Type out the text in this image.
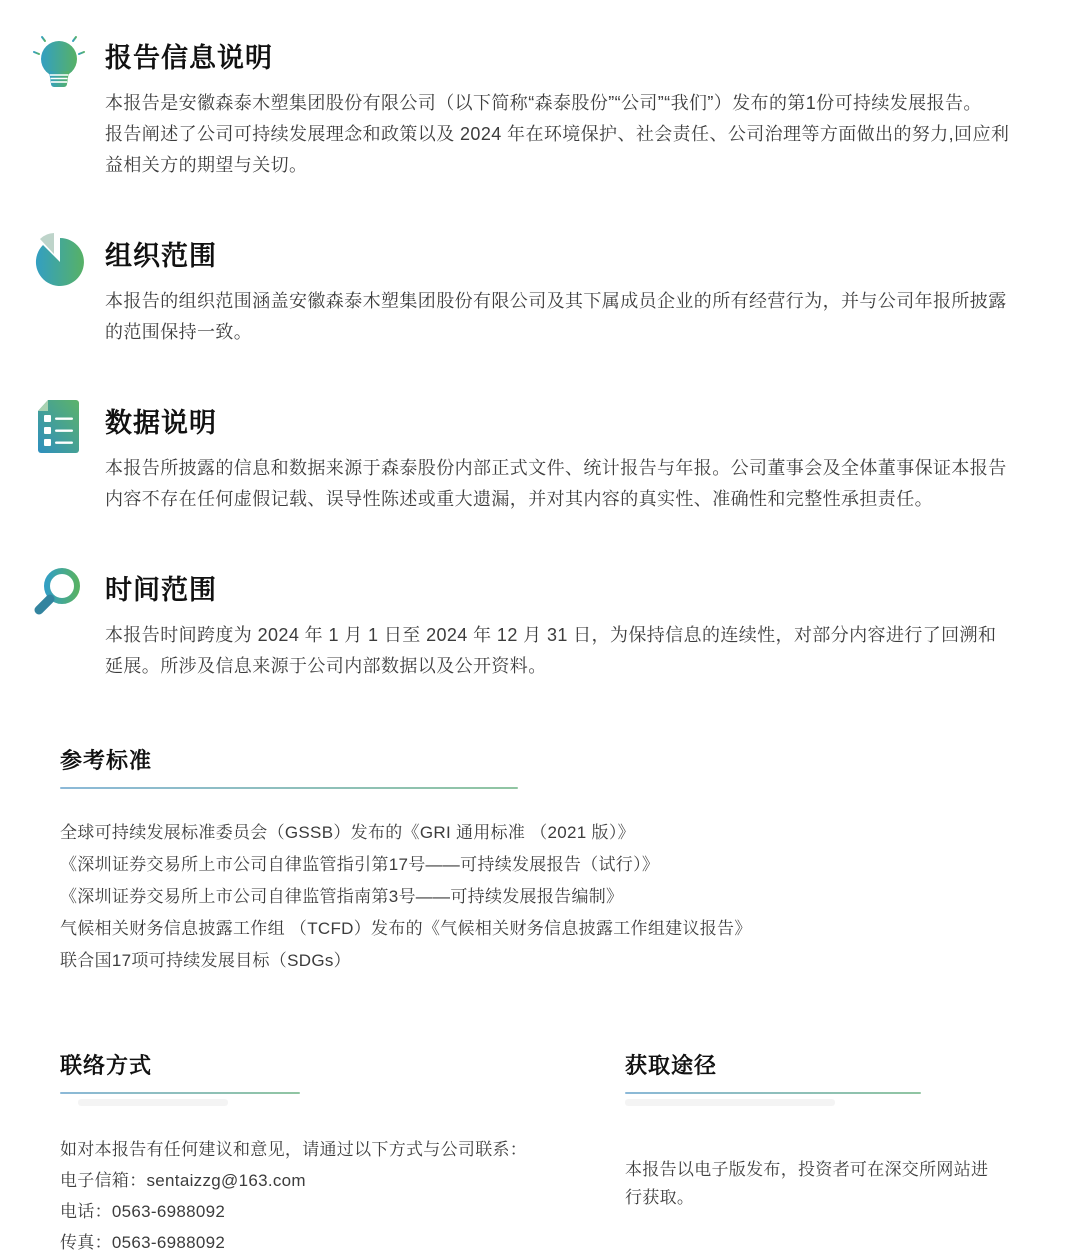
报告信息说明

本报告是安徽森泰木塑集团股份有限公司（以下简称“森泰股份”“公司”“我们”）发布的第1份可持续发展报告。

报告阐述了公司可持续发展理念和政策以及 2024 年在环境保护、社会责任、公司治理等方面做出的努力,回应利益相关方的期望与关切。

组织范围

本报告的组织范围涵盖安徽森泰木塑集团股份有限公司及其下属成员企业的所有经营行为，并与公司年报所披露的范围保持一致。

数据说明

本报告所披露的信息和数据来源于森泰股份内部正式文件、统计报告与年报。公司董事会及全体董事保证本报告内容不存在任何虚假记载、误导性陈述或重大遗漏，并对其内容的真实性、准确性和完整性承担责任。

时间范围

本报告时间跨度为 2024 年 1 月 1 日至 2024 年 12 月 31 日，为保持信息的连续性，对部分内容进行了回溯和延展。所涉及信息来源于公司内部数据以及公开资料。

参考标准
全球可持续发展标准委员会（GSSB）发布的《GRI 通用标准 （2021 版）》
《深圳证券交易所上市公司自律监管指引第17号——可持续发展报告（试行）》
《深圳证券交易所上市公司自律监管指南第3号——可持续发展报告编制》
气候相关财务信息披露工作组 （TCFD）发布的《气候相关财务信息披露工作组建议报告》
联合国17项可持续发展目标（SDGs）
联络方式
如对本报告有任何建议和意见，请通过以下方式与公司联系：
电子信箱：sentaizzg@163.com
电话：0563-6988092
传真：0563-6988092
获取途径
本报告以电子版发布，投资者可在深交所网站进行获取。
